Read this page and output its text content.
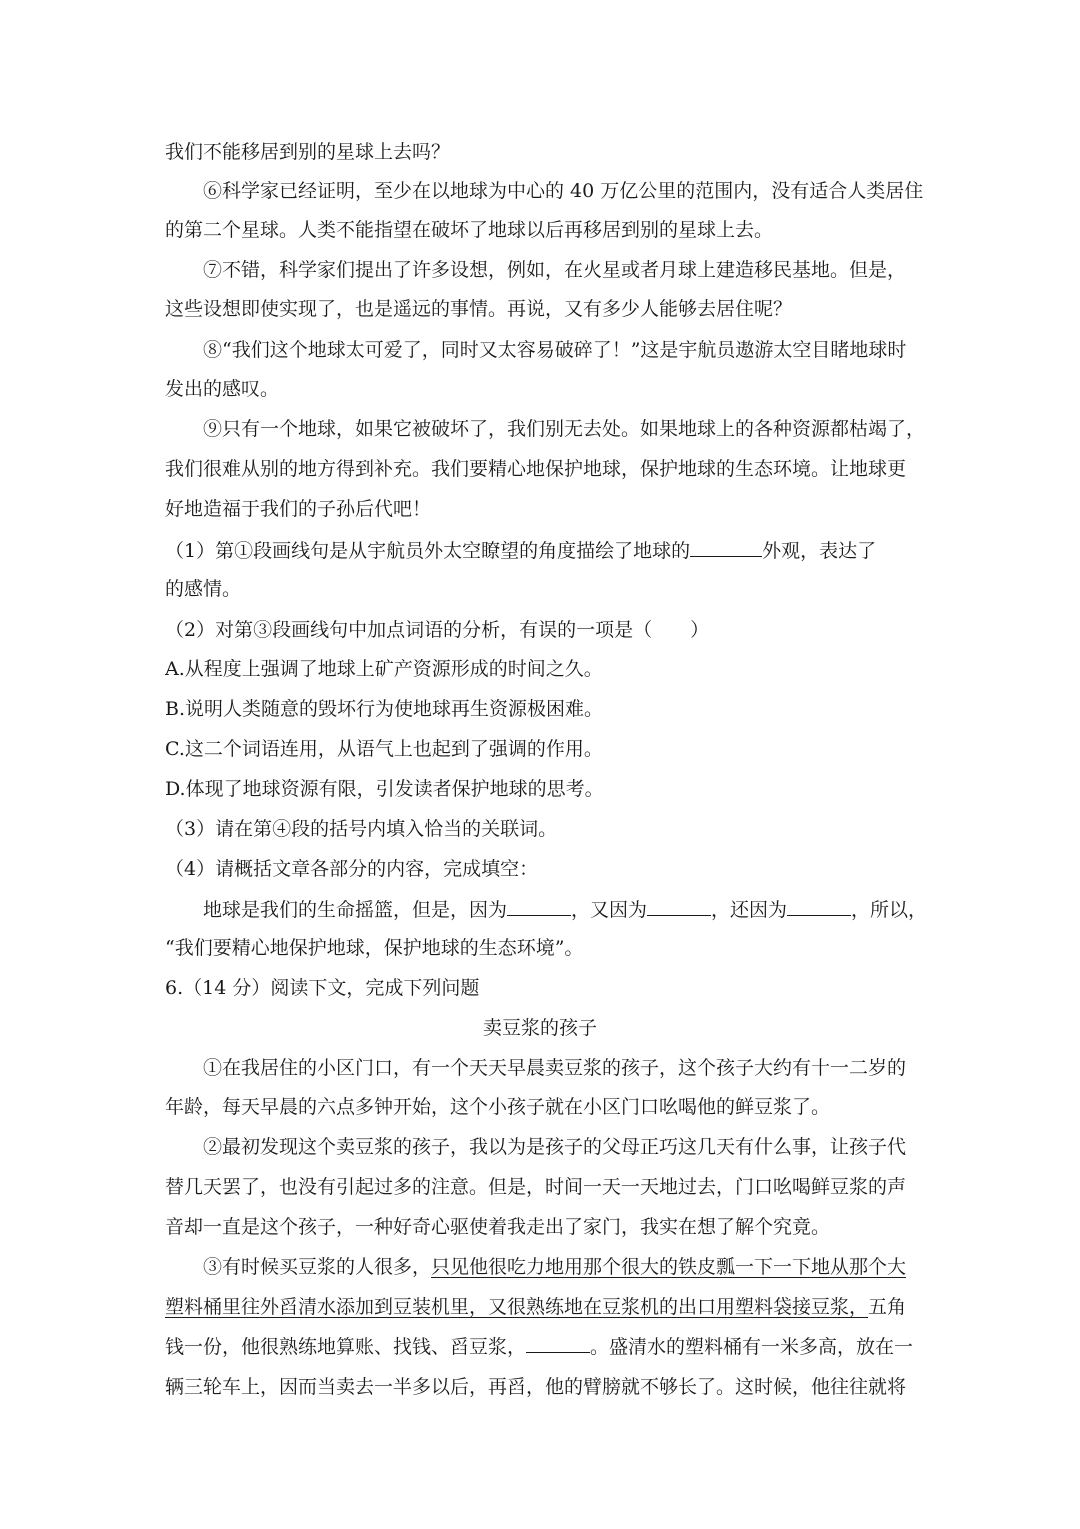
我们不能移居到别的星球上去吗？
⑥科学家已经证明，至少在以地球为中心的 40 万亿公里的范围内，没有适合人类居住
的第二个星球。人类不能指望在破坏了地球以后再移居到别的星球上去。
⑦不错，科学家们提出了许多设想，例如，在火星或者月球上建造移民基地。但是，
这些设想即使实现了，也是遥远的事情。再说，又有多少人能够去居住呢？
⑧“我们这个地球太可爱了，同时又太容易破碎了！”这是宇航员遨游太空目睹地球时
发出的感叹。
⑨只有一个地球，如果它被破坏了，我们别无去处。如果地球上的各种资源都枯竭了，
我们很难从别的地方得到补充。我们要精心地保护地球，保护地球的生态环境。让地球更
好地造福于我们的子孙后代吧！
（1）第①段画线句是从宇航员外太空瞭望的角度描绘了地球的	外观，表达了
的感情。
（2）对第③段画线句中加点词语的分析，有误的一项是（　　）
A.从程度上强调了地球上矿产资源形成的时间之久。
B.说明人类随意的毁坏行为使地球再生资源极困难。
C.这二个词语连用，从语气上也起到了强调的作用。
D.体现了地球资源有限，引发读者保护地球的思考。
（3）请在第④段的括号内填入恰当的关联词。
（4）请概括文章各部分的内容，完成填空：
地球是我们的生命摇篮，但是，因为	，又因为	，还因为	，所以，
“我们要精心地保护地球，保护地球的生态环境”。
6.（14 分）阅读下文，完成下列问题
卖豆浆的孩子
①在我居住的小区门口，有一个天天早晨卖豆浆的孩子，这个孩子大约有十一二岁的
年龄，每天早晨的六点多钟开始，这个小孩子就在小区门口吆喝他的鲜豆浆了。
②最初发现这个卖豆浆的孩子，我以为是孩子的父母正巧这几天有什么事，让孩子代
替几天罢了，也没有引起过多的注意。但是，时间一天一天地过去，门口吆喝鲜豆浆的声
音却一直是这个孩子，一种好奇心驱使着我走出了家门，我实在想了解个究竟。
③有时候买豆浆的人很多，只见他很吃力地用那个很大的铁皮瓢一下一下地从那个大
塑料桶里往外舀清水添加到豆装机里，又很熟练地在豆浆机的出口用塑料袋接豆浆，五角
钱一份，他很熟练地算账、找钱、舀豆浆，	。盛清水的塑料桶有一米多高，放在一
辆三轮车上，因而当卖去一半多以后，再舀，他的臂膀就不够长了。这时候，他往往就将
